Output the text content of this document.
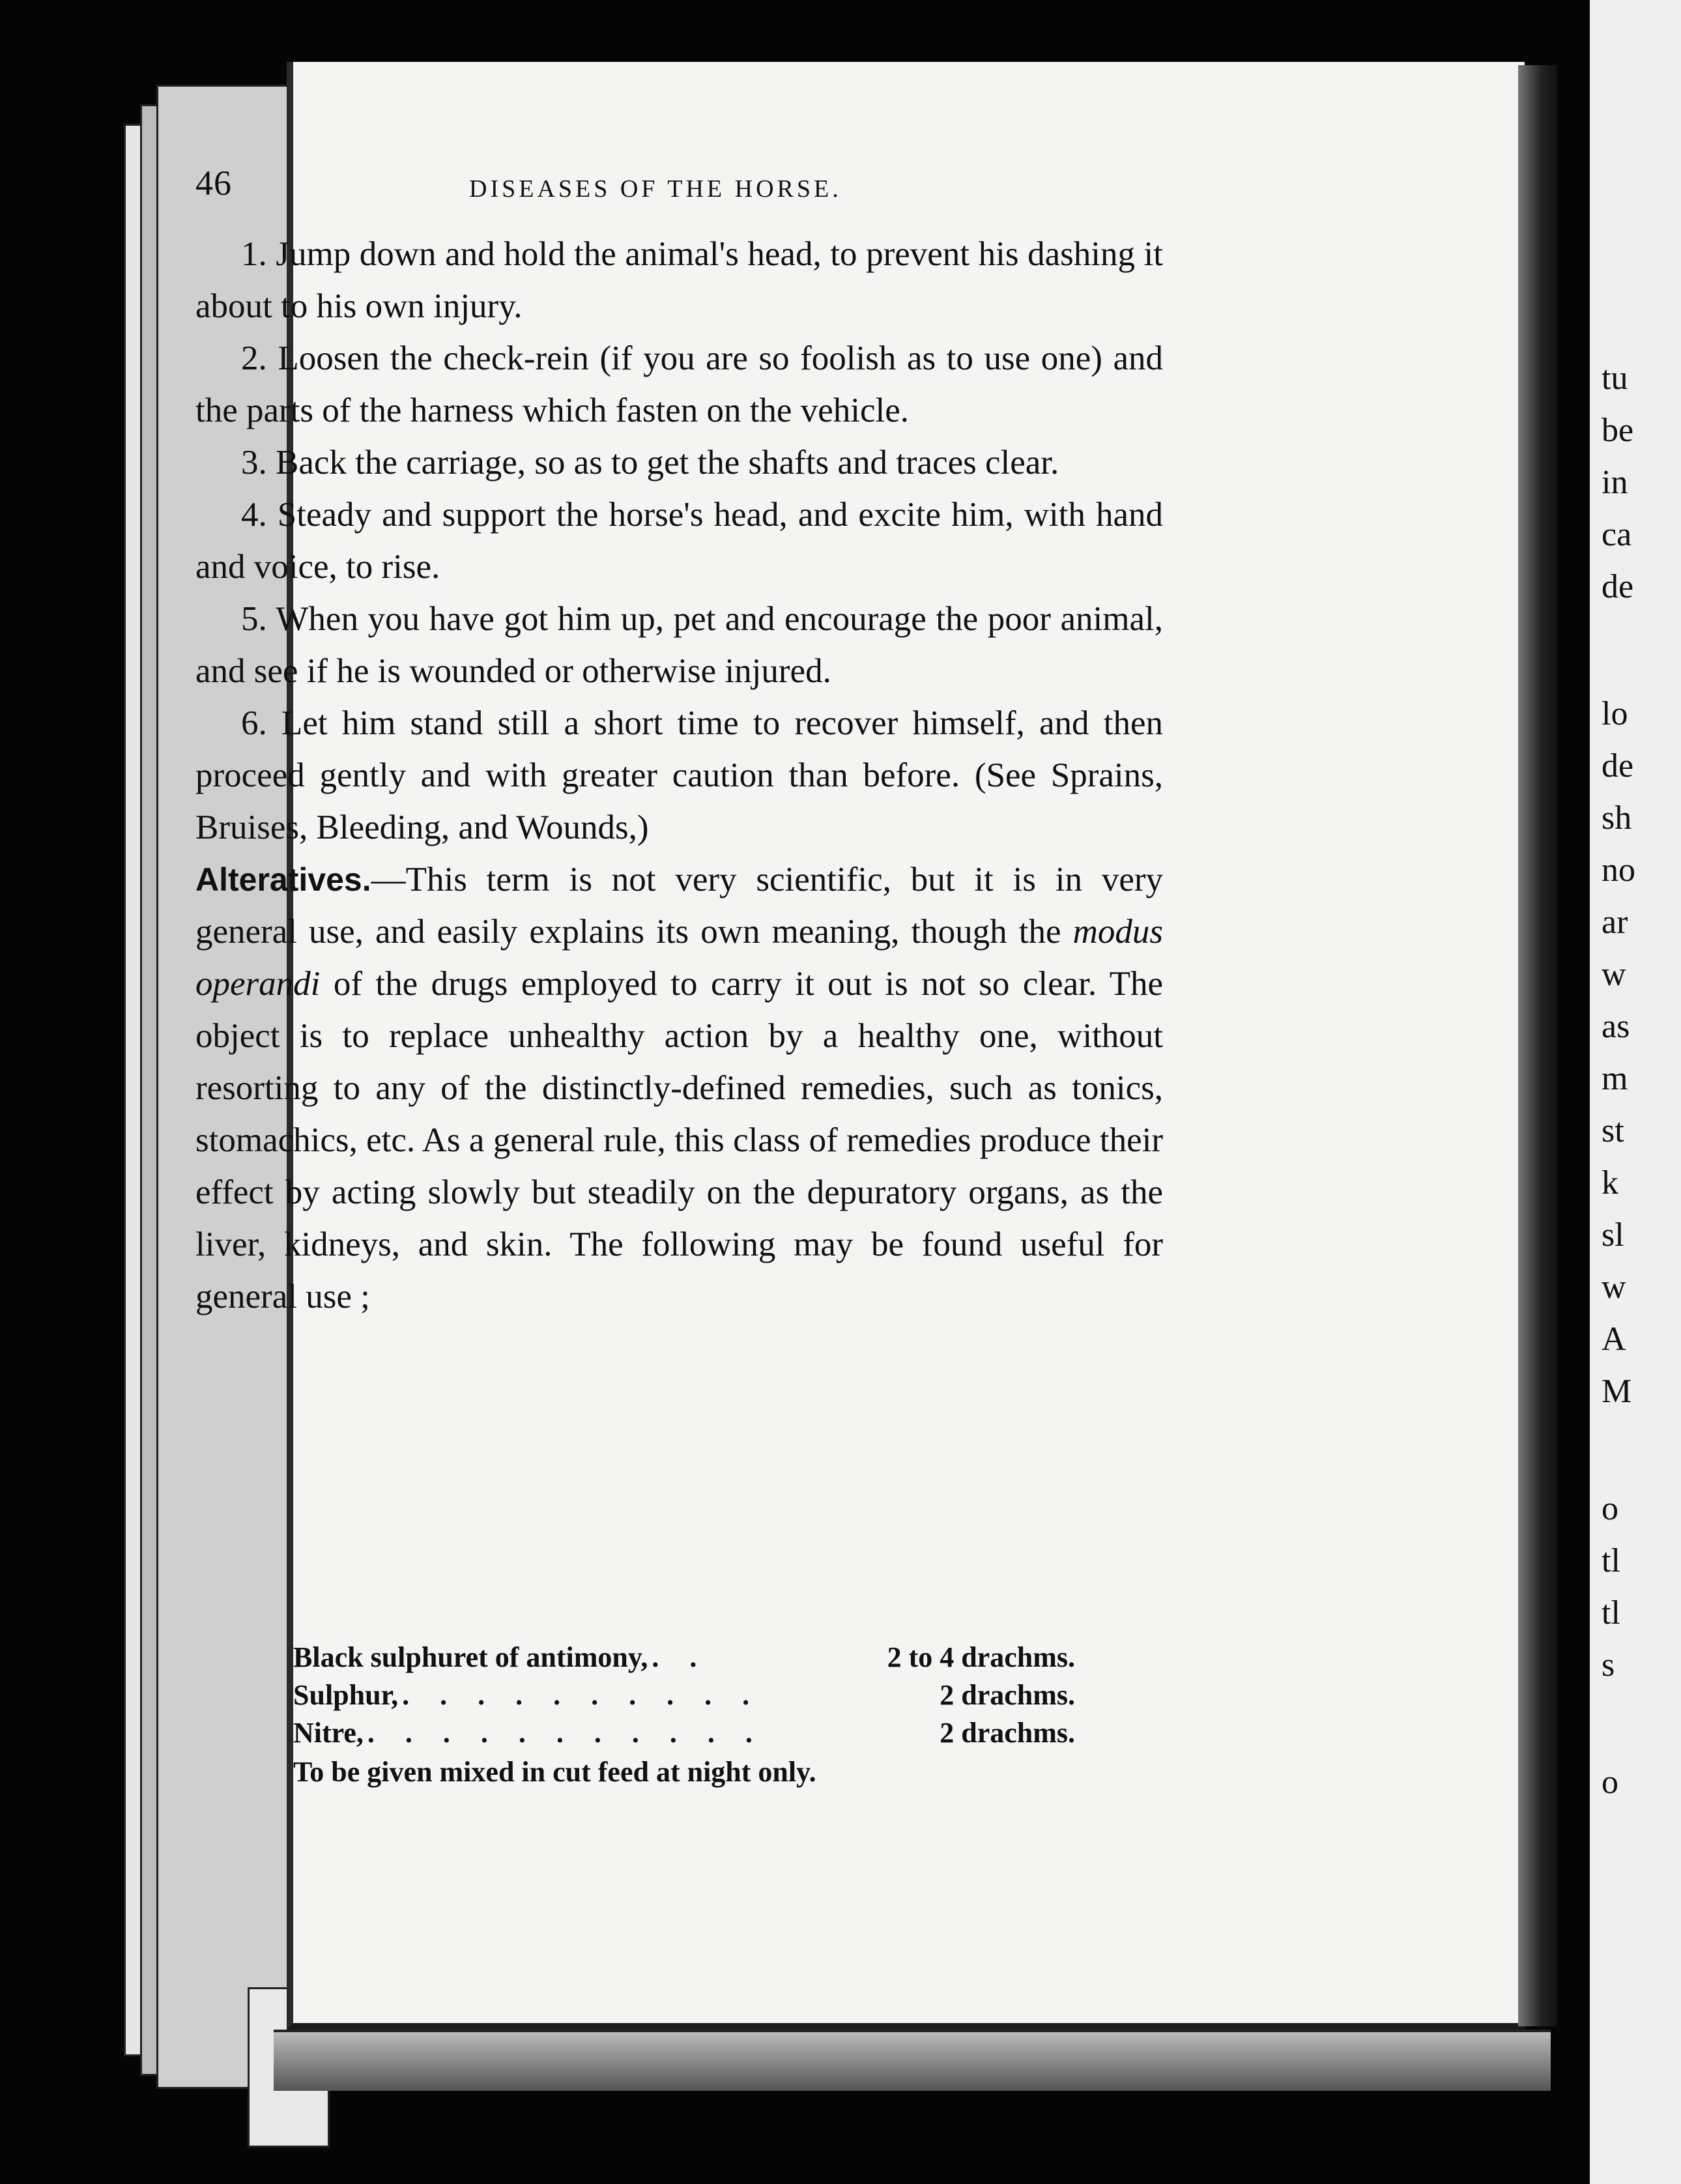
tu
be
in
ca
de
lo
de
sh
no
ar
w
as
m
st
k
sl
w
A
M
o
tl
tl
s
o
46	DISEASES OF THE HORSE.

1. Jump down and hold the animal's head, to prevent his dashing it about to his own injury.

2. Loosen the check-rein (if you are so foolish as to use one) and the parts of the harness which fasten on the vehicle.

3. Back the carriage, so as to get the shafts and traces clear.

4. Steady and support the horse's head, and excite him, with hand and voice, to rise.

5. When you have got him up, pet and encourage the poor animal, and see if he is wounded or otherwise injured.

6. Let him stand still a short time to recover himself, and then proceed gently and with greater caution than before. (See Sprains, Bruises, Bleeding, and Wounds,)

Alteratives.—This term is not very scientific, but it is in very general use, and easily explains its own meaning, though the modus operandi of the drugs employed to carry it out is not so clear. The object is to replace unhealthy action by a healthy one, without resorting to any of the distinctly-defined remedies, such as tonics, stomachics, etc. As a general rule, this class of remedies produce their effect by acting slowly but steadily on the depuratory organs, as the liver, kidneys, and skin. The following may be found useful for general use ;

Black sulphuret of antimony, . .	2 to 4 drachms.
Sulphur, . . . . . . . . . .	2 drachms.
Nitre, . . . . . . . . . . .	2 drachms.
To be given mixed in cut feed at night only.
